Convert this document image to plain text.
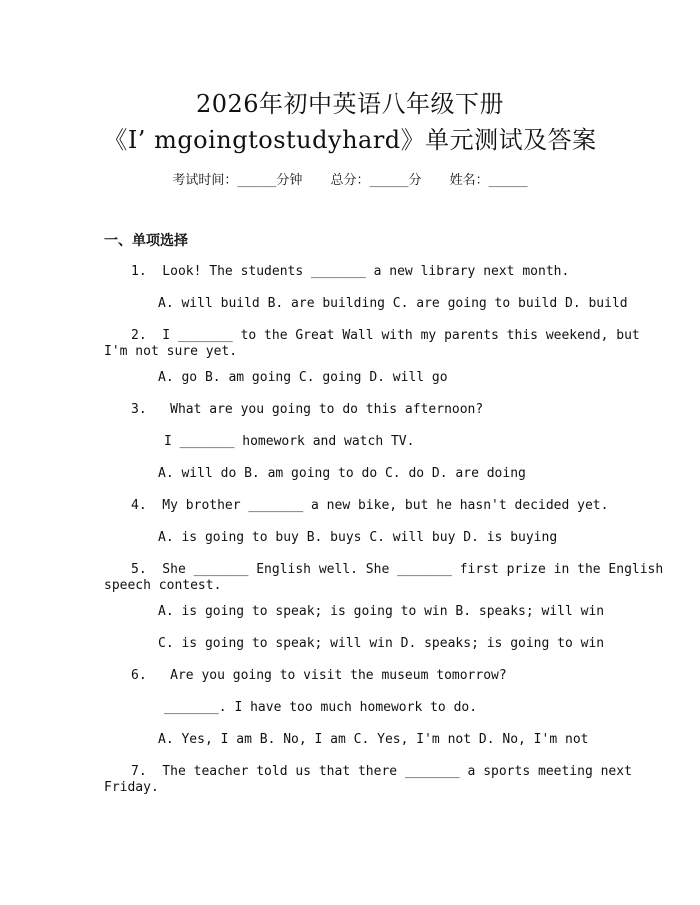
2026年初中英语八年级下册
《I’ mgoingtostudyhard》单元测试及答案
考试时间：______分钟 总分：______分 姓名：______
一、单项选择
1.  Look! The students _______ a new library next month.
A. will build B. are building C. are going to build D. build
2.  I _______ to the Great Wall with my parents this weekend, but
I'm not sure yet.
A. go B. am going C. going D. will go
3.   What are you going to do this afternoon?
I _______ homework and watch TV.
A. will do B. am going to do C. do D. are doing
4.  My brother _______ a new bike, but he hasn't decided yet.
A. is going to buy B. buys C. will buy D. is buying
5.  She _______ English well. She _______ first prize in the English
speech contest.
A. is going to speak; is going to win B. speaks; will win
C. is going to speak; will win D. speaks; is going to win
6.   Are you going to visit the museum tomorrow?
_______. I have too much homework to do.
A. Yes, I am B. No, I am C. Yes, I'm not D. No, I'm not
7.  The teacher told us that there _______ a sports meeting next
Friday.
